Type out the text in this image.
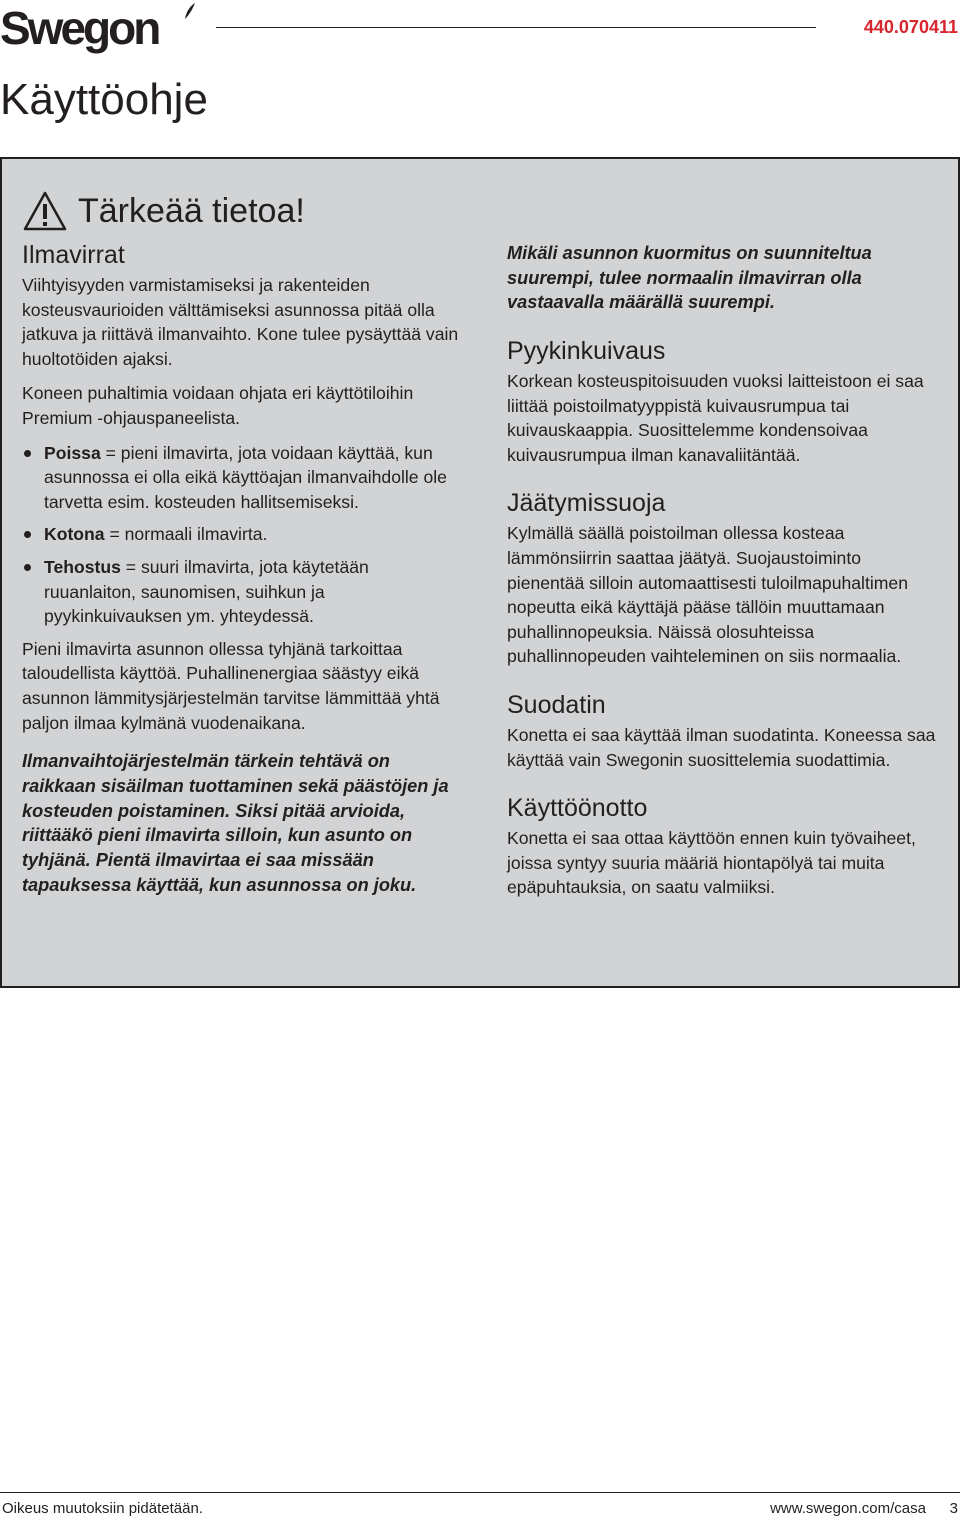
Swegon	440.070411
Käyttöohje
Tärkeää tietoa!
Ilmavirrat

Viihtyisyyden varmistamiseksi ja rakenteiden kosteusvaurioiden välttämiseksi asunnossa pitää olla jatkuva ja riittävä ilmanvaihto. Kone tulee pysäyttää vain huoltotöiden ajaksi.

Koneen puhaltimia voidaan ohjata eri käyttötiloihin Premium -ohjauspaneelista.

Poissa = pieni ilmavirta, jota voidaan käyttää, kun asunnossa ei olla eikä käyttöajan ilmanvaihdolle ole tarvetta esim. kosteuden hallitsemiseksi.
Kotona = normaali ilmavirta.
Tehostus = suuri ilmavirta, jota käytetään ruuanlaiton, saunomisen, suihkun ja pyykinkuivauksen ym. yhteydessä.

Pieni ilmavirta asunnon ollessa tyhjänä tarkoittaa taloudellista käyttöä. Puhallinenergiaa säästyy eikä asunnon lämmitysjärjestelmän tarvitse lämmittää yhtä paljon ilmaa kylmänä vuodenaikana.

Ilmanvaihtojärjestelmän tärkein tehtävä on raikkaan sisäilman tuottaminen sekä päästöjen ja kosteuden poistaminen. Siksi pitää arvioida, riittääkö pieni ilmavirta silloin, kun asunto on tyhjänä. Pientä ilmavirtaa ei saa missään tapauksessa käyttää, kun asunnossa on joku.

Mikäli asunnon kuormitus on suunniteltua suurempi, tulee normaalin ilmavirran olla vastaavalla määrällä suurempi.

Pyykinkuivaus

Korkean kosteuspitoisuuden vuoksi laitteistoon ei saa liittää poistoilmatyyppistä kuivausrumpua tai kuivauskaappia. Suosittelemme kondensoivaa kuivausrumpua ilman kanavaliitäntää.

Jäätymissuoja

Kylmällä säällä poistoilman ollessa kosteaa lämmönsiirrin saattaa jäätyä. Suojaustoiminto pienentää silloin automaattisesti tuloilmapuhaltimen nopeutta eikä käyttäjä pääse tällöin muuttamaan puhallinnopeuksia. Näissä olosuhteissa puhallinnopeuden vaihteleminen on siis normaalia.

Suodatin

Konetta ei saa käyttää ilman suodatinta. Koneessa saa käyttää vain Swegonin suosittelemia suodattimia.

Käyttöönotto

Konetta ei saa ottaa käyttöön ennen kuin työvaiheet, joissa syntyy suuria määriä hiontapölyä tai muita epäpuhtauksia, on saatu valmiiksi.

Oikeus muutoksiin pidätetään.	www.swegon.com/casa 3
